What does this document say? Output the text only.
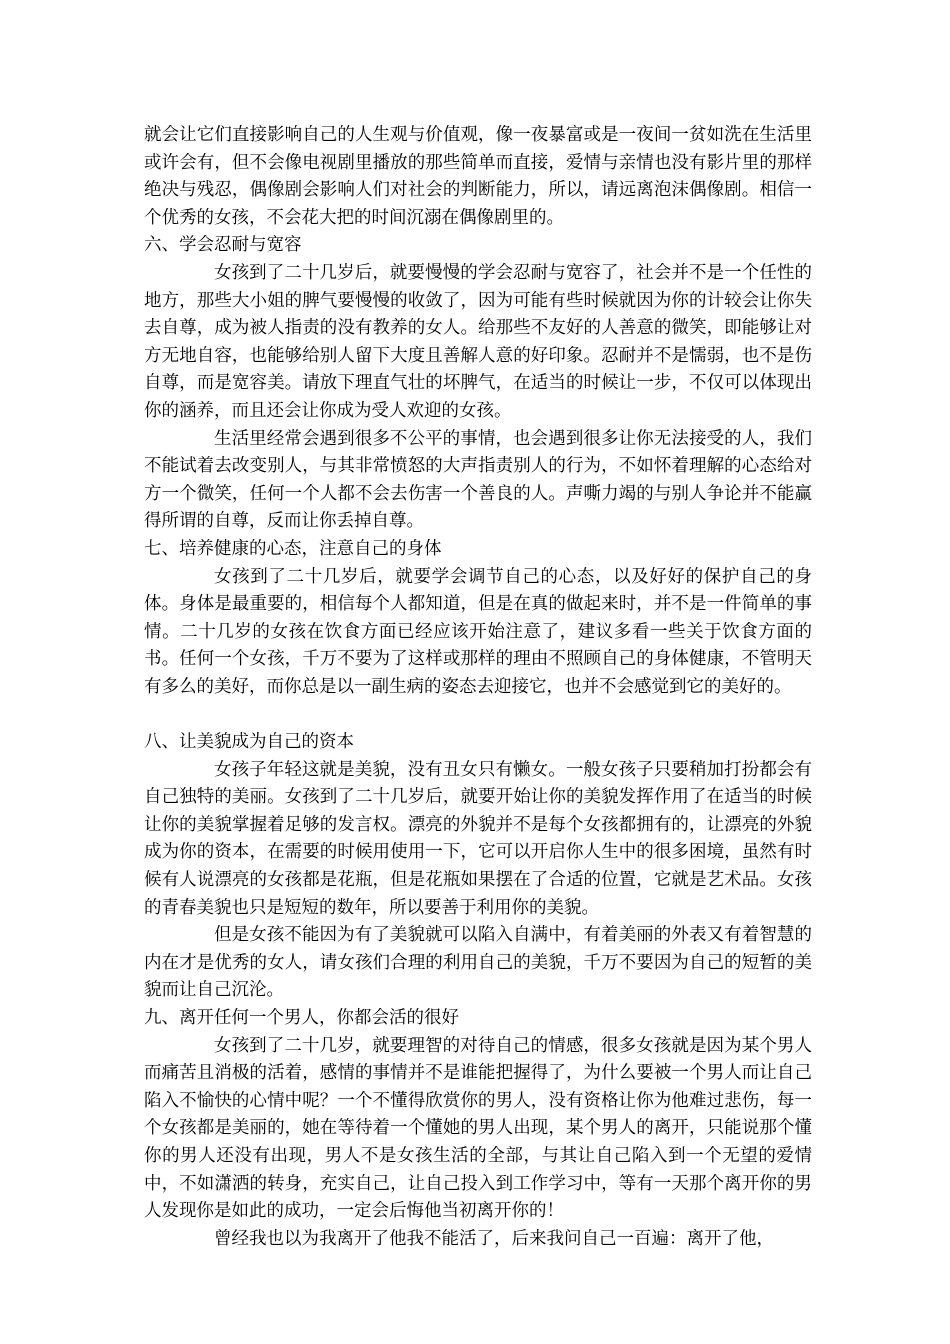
就会让它们直接影响自己的人生观与价值观，像一夜暴富或是一夜间一贫如洗在生活里或许会有，但不会像电视剧里播放的那些简单而直接，爱情与亲情也没有影片里的那样绝决与残忍，偶像剧会影响人们对社会的判断能力，所以，请远离泡沫偶像剧。相信一个优秀的女孩，不会花大把的时间沉溺在偶像剧里的。

六、学会忍耐与宽容

女孩到了二十几岁后，就要慢慢的学会忍耐与宽容了，社会并不是一个任性的地方，那些大小姐的脾气要慢慢的收敛了，因为可能有些时候就因为你的计较会让你失去自尊，成为被人指责的没有教养的女人。给那些不友好的人善意的微笑，即能够让对方无地自容，也能够给别人留下大度且善解人意的好印象。忍耐并不是懦弱，也不是伤自尊，而是宽容美。请放下理直气壮的坏脾气，在适当的时候让一步，不仅可以体现出你的涵养，而且还会让你成为受人欢迎的女孩。

生活里经常会遇到很多不公平的事情，也会遇到很多让你无法接受的人，我们不能试着去改变别人，与其非常愤怒的大声指责别人的行为，不如怀着理解的心态给对方一个微笑，任何一个人都不会去伤害一个善良的人。声嘶力竭的与别人争论并不能赢得所谓的自尊，反而让你丢掉自尊。

七、培养健康的心态，注意自己的身体

女孩到了二十几岁后，就要学会调节自己的心态，以及好好的保护自己的身体。身体是最重要的，相信每个人都知道，但是在真的做起来时，并不是一件简单的事情。二十几岁的女孩在饮食方面已经应该开始注意了，建议多看一些关于饮食方面的书。任何一个女孩，千万不要为了这样或那样的理由不照顾自己的身体健康，不管明天有多么的美好，而你总是以一副生病的姿态去迎接它，也并不会感觉到它的美好的。

八、让美貌成为自己的资本

女孩子年轻这就是美貌，没有丑女只有懒女。一般女孩子只要稍加打扮都会有自己独特的美丽。女孩到了二十几岁后，就要开始让你的美貌发挥作用了在适当的时候让你的美貌掌握着足够的发言权。漂亮的外貌并不是每个女孩都拥有的，让漂亮的外貌成为你的资本，在需要的时候用使用一下，它可以开启你人生中的很多困境，虽然有时候有人说漂亮的女孩都是花瓶，但是花瓶如果摆在了合适的位置，它就是艺术品。女孩的青春美貌也只是短短的数年，所以要善于利用你的美貌。

但是女孩不能因为有了美貌就可以陷入自满中，有着美丽的外表又有着智慧的内在才是优秀的女人，请女孩们合理的利用自己的美貌，千万不要因为自己的短暂的美貌而让自己沉沦。

九、离开任何一个男人，你都会活的很好

女孩到了二十几岁，就要理智的对待自己的情感，很多女孩就是因为某个男人而痛苦且消极的活着，感情的事情并不是谁能把握得了，为什么要被一个男人而让自己陷入不愉快的心情中呢？一个不懂得欣赏你的男人，没有资格让你为他难过悲伤，每一个女孩都是美丽的，她在等待着一个懂她的男人出现，某个男人的离开，只能说那个懂你的男人还没有出现，男人不是女孩生活的全部，与其让自己陷入到一个无望的爱情中，不如潇洒的转身，充实自己，让自己投入到工作学习中，等有一天那个离开你的男人发现你是如此的成功，一定会后悔他当初离开你的！

曾经我也以为我离开了他我不能活了，后来我问自己一百遍：离开了他，
